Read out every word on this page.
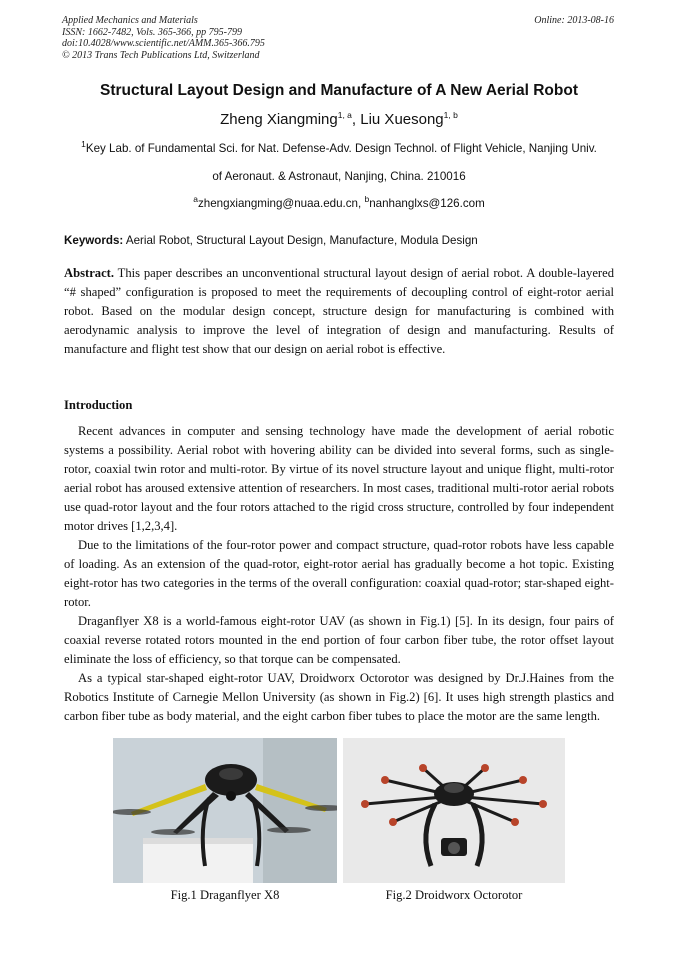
Applied Mechanics and Materials
ISSN: 1662-7482, Vols. 365-366, pp 795-799
doi:10.4028/www.scientific.net/AMM.365-366.795
© 2013 Trans Tech Publications Ltd, Switzerland
Online: 2013-08-16
Structural Layout Design and Manufacture of A New Aerial Robot
Zheng Xiangming$^{1, a}$, Liu Xuesong$^{1, b}$
$^1$Key Lab. of Fundamental Sci. for Nat. Defense-Adv. Design Technol. of Flight Vehicle, Nanjing Univ.
of Aeronaut. & Astronaut, Nanjing, China. 210016
$^a$zhengxiangming@nuaa.edu.cn, $^b$nanhanglxs@126.com
Keywords: Aerial Robot, Structural Layout Design, Manufacture, Modula Design

Abstract. This paper describes an unconventional structural layout design of aerial robot. A double-layered “# shaped” configuration is proposed to meet the requirements of decoupling control of eight-rotor aerial robot. Based on the modular design concept, structure design for manufacturing is combined with aerodynamic analysis to improve the level of integration of design and manufacturing. Results of manufacture and flight test show that our design on aerial robot is effective.

Introduction

Recent advances in computer and sensing technology have made the development of aerial robotic systems a possibility. Aerial robot with hovering ability can be divided into several forms, such as single-rotor, coaxial twin rotor and multi-rotor. By virtue of its novel structure layout and unique flight, multi-rotor aerial robot has aroused extensive attention of researchers. In most cases, traditional multi-rotor aerial robots use quad-rotor layout and the four rotors attached to the rigid cross structure, controlled by four independent motor drives [1,2,3,4].

Due to the limitations of the four-rotor power and compact structure, quad-rotor robots have less capable of loading. As an extension of the quad-rotor, eight-rotor aerial has gradually become a hot topic. Existing eight-rotor has two categories in the terms of the overall configuration: coaxial quad-rotor; star-shaped eight-rotor.

Draganflyer X8 is a world-famous eight-rotor UAV (as shown in Fig.1) [5]. In its design, four pairs of coaxial reverse rotated rotors mounted in the end portion of four carbon fiber tube, the rotor offset layout eliminate the loss of efficiency, so that torque can be compensated.

As a typical star-shaped eight-rotor UAV, Droidworx Octorotor was designed by Dr.J.Haines from the Robotics Institute of Carnegie Mellon University (as shown in Fig.2) [6]. It uses high strength plastics and carbon fiber tube as body material, and the eight carbon fiber tubes to place the motor are the same length.

Fig.1 Draganflyer X8	Fig.2 Droidworx Octorotor
